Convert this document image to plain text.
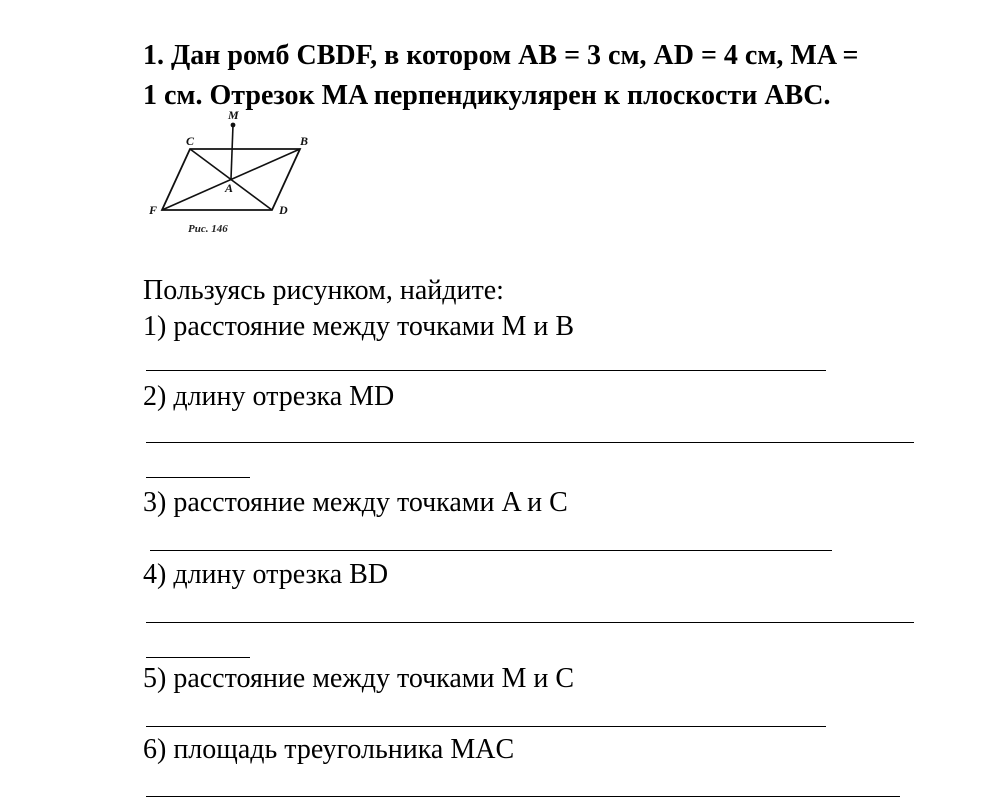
1. Дан ромб CBDF, в котором AB = 3 см, AD = 4 см, MA =
1 см. Отрезок MA перпендикулярен к плоскости ABC.

M
C	B
A
F	D
Рис. 146

Пользуясь рисунком, найдите:

1) расстояние между точками M и B

2) длину отрезка MD

3) расстояние между точками A и C

4) длину отрезка BD

5) расстояние между точками M и C

6) площадь треугольника MAC
